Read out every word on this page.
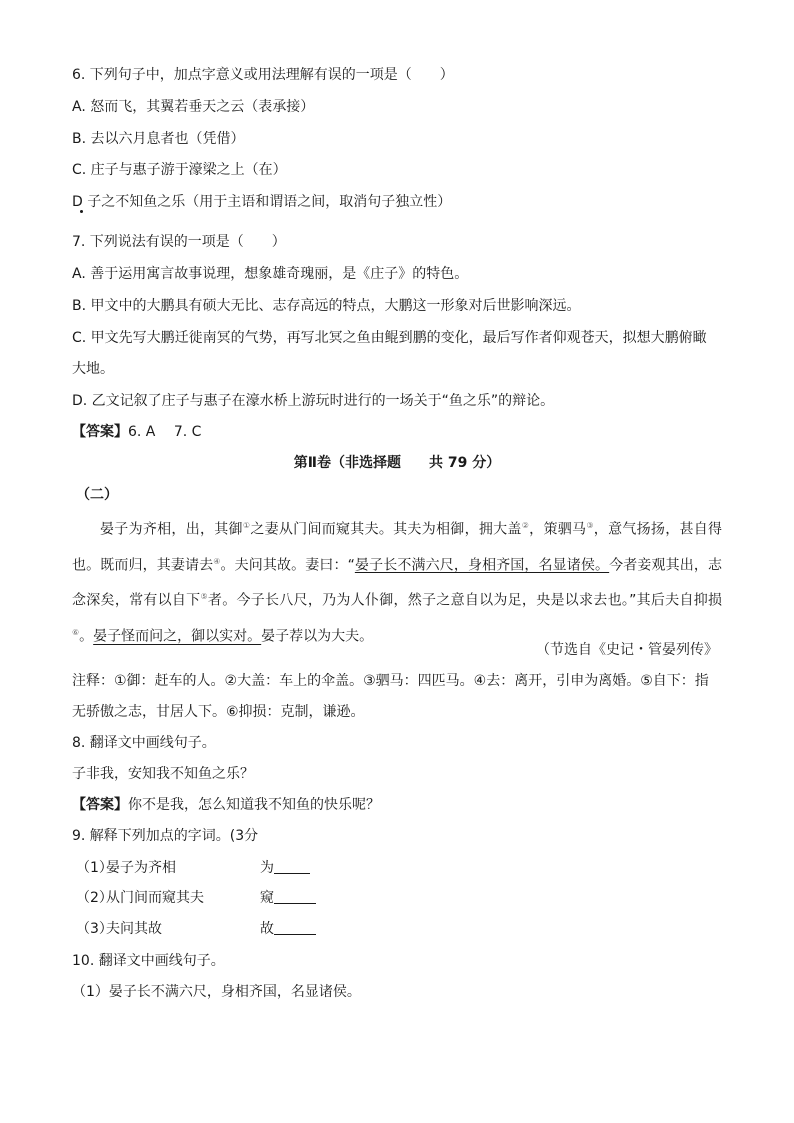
6. 下列句子中，加点字意义或用法理解有误的一项是（　　）
A. 怒而飞，其翼若垂天之云（表承接）
B. 去以六月息者也（凭借）
C. 庄子与惠子游于濠梁之上（在）
D 子之不知鱼之乐（用于主语和谓语之间，取消句子独立性）
7. 下列说法有误的一项是（　　）
A. 善于运用寓言故事说理，想象雄奇瑰丽，是《庄子》的特色。
B. 甲文中的大鹏具有硕大无比、志存高远的特点，大鹏这一形象对后世影响深远。
C. 甲文先写大鹏迁徙南冥的气势，再写北冥之鱼由鲲到鹏的变化，最后写作者仰观苍天，拟想大鹏俯瞰
大地。
D. 乙文记叙了庄子与惠子在濠水桥上游玩时进行的一场关于“鱼之乐”的辩论。
【答案】6. A　 7. C
第Ⅱ卷（非选择题　　共 79 分）
（二）
晏子为齐相，出，其御①之妻从门间而窥其夫。其夫为相御，拥大盖②，策驷马③，意气扬扬，甚自得也。既而归，其妻请去④。夫问其故。妻曰：“晏子长不满六尺，身相齐国，名显诸侯。今者妾观其出，志念深矣，常有以自下⑤者。今子长八尺，乃为人仆御，然子之意自以为足，央是以求去也。”其后夫自抑损⑥。晏子怪而问之，御以实对。晏子荐以为大夫。
（节选自《史记・管晏列传》
注释：①御：赶车的人。②大盖：车上的伞盖。③驷马：四匹马。④去：离开，引申为离婚。⑤自下：指
无骄傲之志，甘居人下。⑥抑损：克制，谦逊。
8. 翻译文中画线句子。
子非我，安知我不知鱼之乐？
【答案】你不是我，怎么知道我不知鱼的快乐呢？
9. 解释下列加点的字词。(3分
（1）
晏子为齐相	为
（2）
从门间而窥其夫	窥
（3）
夫问其故	故
10. 翻译文中画线句子。
（1）晏子长不满六尺，身相齐国，名显诸侯。
